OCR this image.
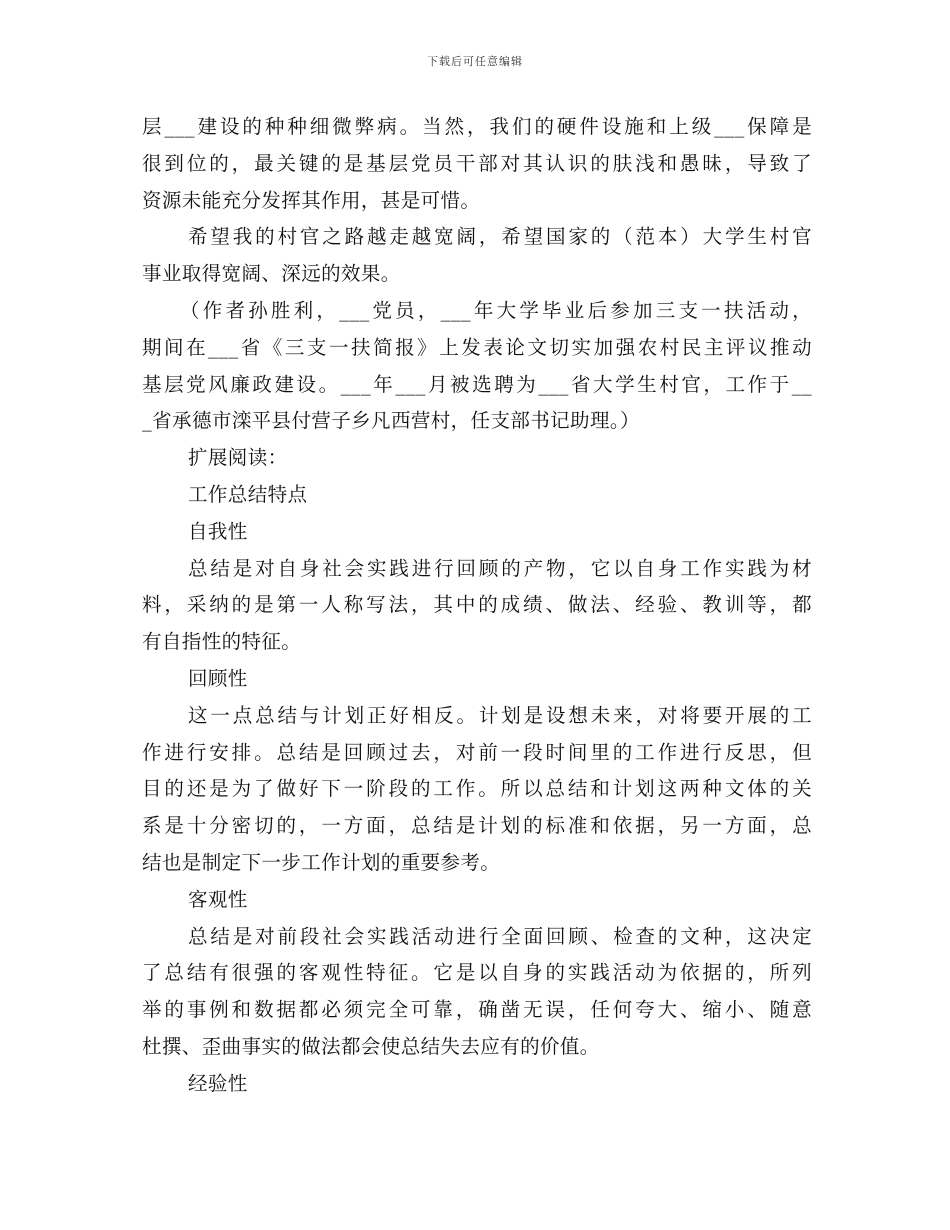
下载后可任意编辑
层___建设的种种细微弊病。当然，我们的硬件设施和上级___保障是
很到位的，最关键的是基层党员干部对其认识的肤浅和愚昧，导致了
资源未能充分发挥其作用，甚是可惜。
希望我的村官之路越走越宽阔，希望国家的（范本）大学生村官
事业取得宽阔、深远的效果。
（作者孙胜利，___党员，___年大学毕业后参加三支一扶活动，
期间在___省《三支一扶简报》上发表论文切实加强农村民主评议推动
基层党风廉政建设。___年___月被选聘为___省大学生村官，工作于__
_省承德市滦平县付营子乡凡西营村，任支部书记助理。）
扩展阅读：
工作总结特点
自我性
总结是对自身社会实践进行回顾的产物，它以自身工作实践为材
料，采纳的是第一人称写法，其中的成绩、做法、经验、教训等，都
有自指性的特征。
回顾性
这一点总结与计划正好相反。计划是设想未来，对将要开展的工
作进行安排。总结是回顾过去，对前一段时间里的工作进行反思，但
目的还是为了做好下一阶段的工作。所以总结和计划这两种文体的关
系是十分密切的，一方面，总结是计划的标准和依据，另一方面，总
结也是制定下一步工作计划的重要参考。
客观性
总结是对前段社会实践活动进行全面回顾、检查的文种，这决定
了总结有很强的客观性特征。它是以自身的实践活动为依据的，所列
举的事例和数据都必须完全可靠，确凿无误，任何夸大、缩小、随意
杜撰、歪曲事实的做法都会使总结失去应有的价值。
经验性
